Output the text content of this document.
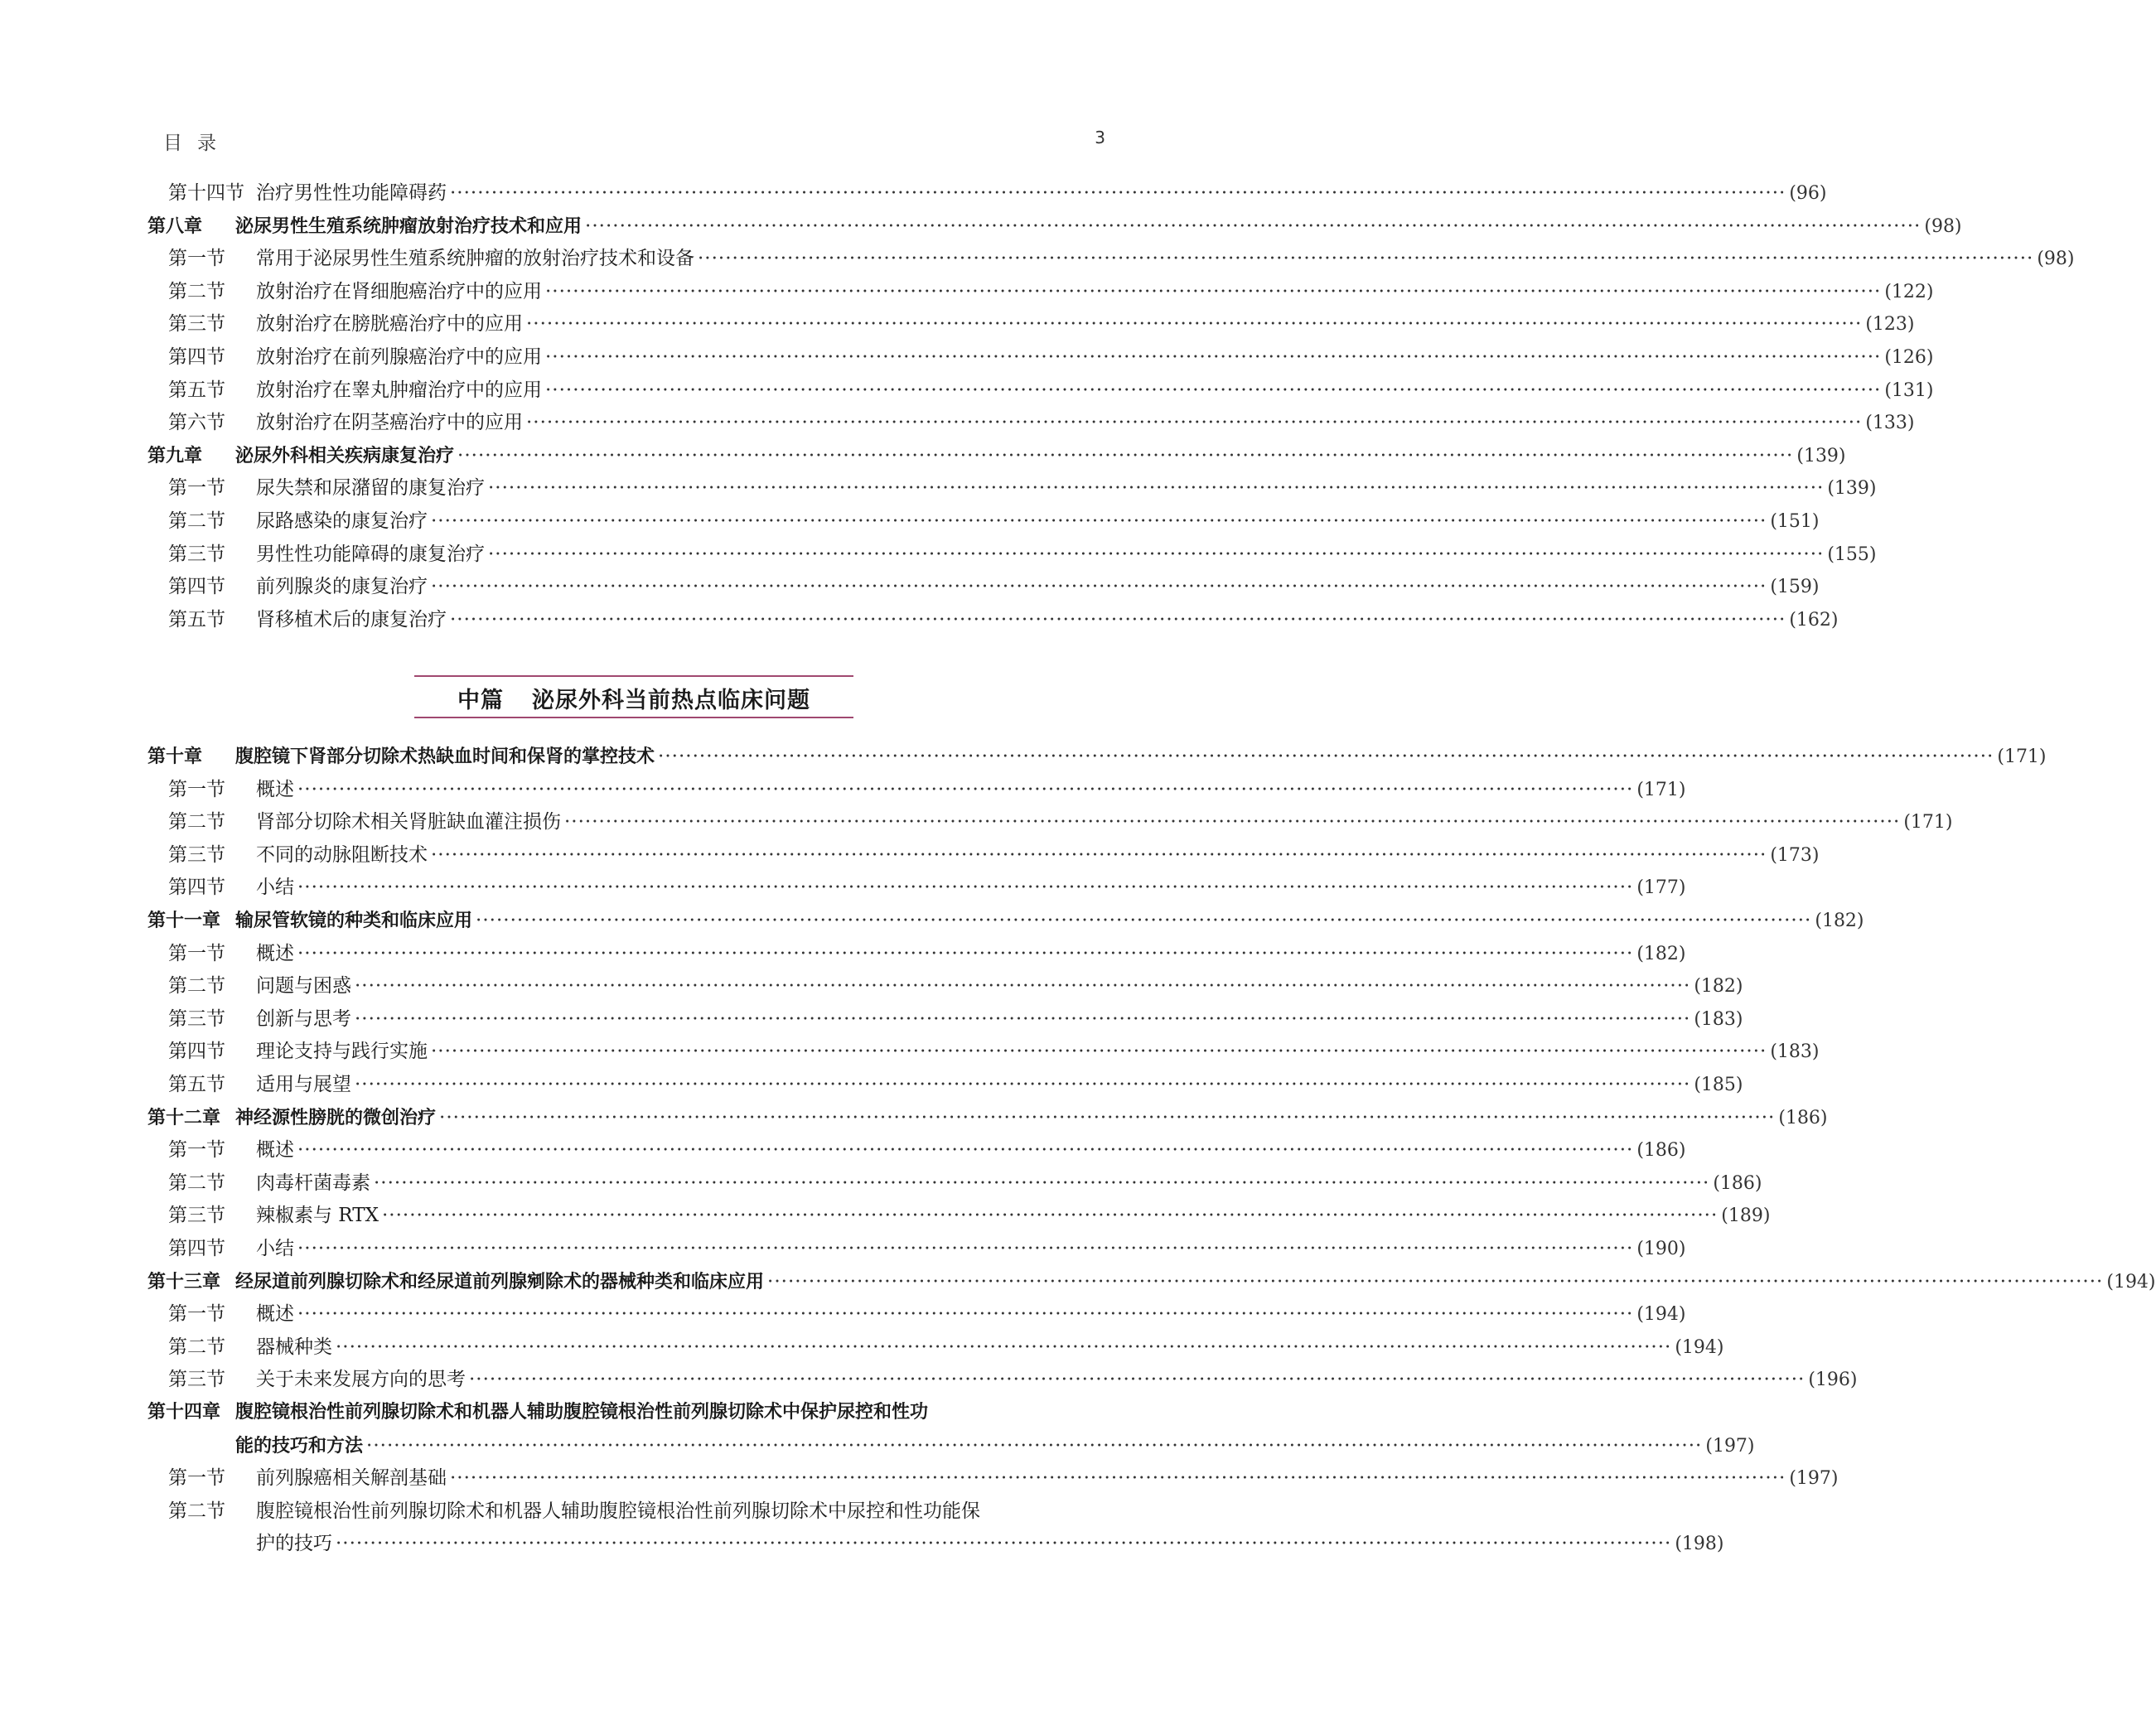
目录	3
第十四节 治疗男性性功能障碍药 ·····	(96)
第八章	泌尿男性生殖系统肿瘤放射治疗技术和应用 ·····	(98)
第一节	常用于泌尿男性生殖系统肿瘤的放射治疗技术和设备 ·····	(98)
第二节	放射治疗在肾细胞癌治疗中的应用 ·····	(122)
第三节	放射治疗在膀胱癌治疗中的应用 ·····	(123)
第四节	放射治疗在前列腺癌治疗中的应用 ·····	(126)
第五节	放射治疗在睾丸肿瘤治疗中的应用 ·····	(131)
第六节	放射治疗在阴茎癌治疗中的应用 ·····	(133)
第九章	泌尿外科相关疾病康复治疗 ·····	(139)
第一节	尿失禁和尿潴留的康复治疗 ·····	(139)
第二节	尿路感染的康复治疗 ·····	(151)
第三节	男性性功能障碍的康复治疗 ·····	(155)
第四节	前列腺炎的康复治疗 ·····	(159)
第五节	肾移植术后的康复治疗 ·····	(162)
第十章	腹腔镜下肾部分切除术热缺血时间和保肾的掌控技术 ·····	(171)
第一节	概述 ·····	(171)
第二节	肾部分切除术相关肾脏缺血灌注损伤 ·····	(171)
第三节	不同的动脉阻断技术 ·····	(173)
第四节	小结 ·····	(177)
第十一章 输尿管软镜的种类和临床应用 ·····	(182)
第一节	概述 ·····	(182)
第二节	问题与困惑 ·····	(182)
第三节	创新与思考 ·····	(183)
第四节	理论支持与践行实施 ·····	(183)
第五节	适用与展望 ·····	(185)
第十二章 神经源性膀胱的微创治疗 ·····	(186)
第一节	概述 ·····	(186)
第二节	肉毒杆菌毒素 ·····	(186)
第三节	辣椒素与 RTX ·····	(189)
第四节	小结 ·····	(190)
第十三章 经尿道前列腺切除术和经尿道前列腺剜除术的器械种类和临床应用 ·····	(194)
第一节	概述 ·····	(194)
第二节	器械种类 ·····	(194)
第三节	关于未来发展方向的思考 ·····	(196)
第十四章 腹腔镜根治性前列腺切除术和机器人辅助腹腔镜根治性前列腺切除术中保护尿控和性功
能的技巧和方法 ·····	(197)
第一节	前列腺癌相关解剖基础 ·····	(197)
第二节	腹腔镜根治性前列腺切除术和机器人辅助腹腔镜根治性前列腺切除术中尿控和性功能保
护的技巧 ·····	(198)
中篇 泌尿外科当前热点临床问题
